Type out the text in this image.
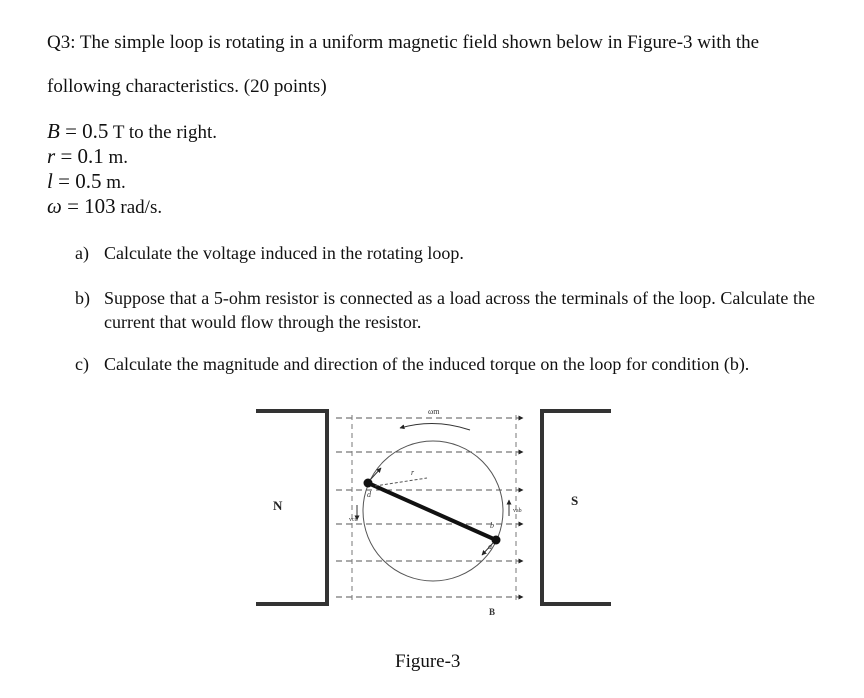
Q3: The simple loop is rotating in a uniform magnetic field shown below in Figure-3 with the
following characteristics. (20 points)
B = 0.5 T to the right.
r = 0.1 m.
l = 0.5 m.
ω = 103 rad/s.
a) Calculate the voltage induced in the rotating loop.
b) Suppose that a 5-ohm resistor is connected as a load across the terminals of the loop. Calculate the current that would flow through the resistor.
c) Calculate the magnitude and direction of the induced torque on the loop for condition (b).
ωm
r
d
vcd
b
a
vab
N	S
B
Figure-3
